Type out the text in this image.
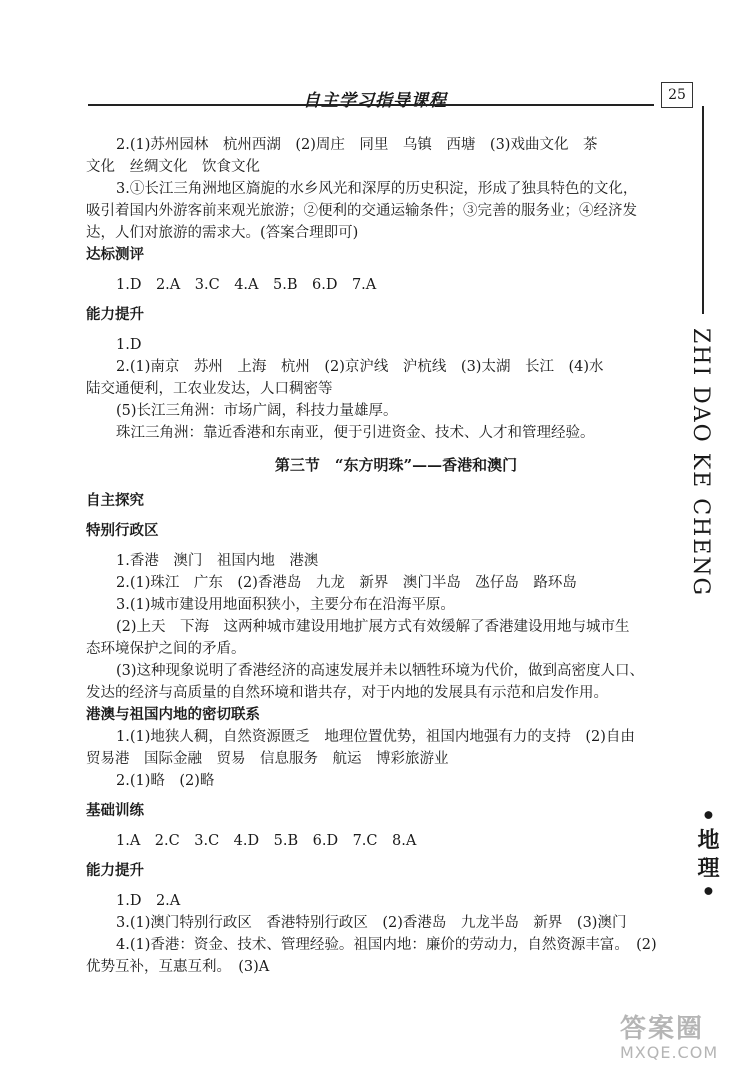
自主学习指导课程	25
ZHI DAO KE CHENG
•地理•
2.(1)苏州园林　杭州西湖　(2)周庄　同里　乌镇　西塘　(3)戏曲文化　茶
文化　丝绸文化　饮食文化
3.①长江三角洲地区旖旎的水乡风光和深厚的历史积淀，形成了独具特色的文化，
吸引着国内外游客前来观光旅游；②便利的交通运输条件；③完善的服务业；④经济发
达，人们对旅游的需求大。(答案合理即可)
达标测评
1.D　2.A　3.C　4.A　5.B　6.D　7.A
能力提升
1.D
2.(1)南京　苏州　上海　杭州　(2)京沪线　沪杭线　(3)太湖　长江　(4)水
陆交通便利，工农业发达，人口稠密等
(5)长江三角洲：市场广阔，科技力量雄厚。
珠江三角洲：靠近香港和东南亚，便于引进资金、技术、人才和管理经验。
第三节　“东方明珠”——香港和澳门
自主探究
特别行政区
1.香港　澳门　祖国内地　港澳
2.(1)珠江　广东　(2)香港岛　九龙　新界　澳门半岛　氹仔岛　路环岛
3.(1)城市建设用地面积狭小，主要分布在沿海平原。
(2)上天　下海　这两种城市建设用地扩展方式有效缓解了香港建设用地与城市生
态环境保护之间的矛盾。
(3)这种现象说明了香港经济的高速发展并未以牺牲环境为代价，做到高密度人口、
发达的经济与高质量的自然环境和谐共存，对于内地的发展具有示范和启发作用。
港澳与祖国内地的密切联系
1.(1)地狭人稠，自然资源匮乏　地理位置优势，祖国内地强有力的支持　(2)自由
贸易港　国际金融　贸易　信息服务　航运　博彩旅游业
2.(1)略　(2)略
基础训练
1.A　2.C　3.C　4.D　5.B　6.D　7.C　8.A
能力提升
1.D　2.A
3.(1)澳门特别行政区　香港特别行政区　(2)香港岛　九龙半岛　新界　(3)澳门
4.(1)香港：资金、技术、管理经验。祖国内地：廉价的劳动力，自然资源丰富。　(2)
优势互补，互惠互利。　(3)A
答案圈
MXQE.COM
